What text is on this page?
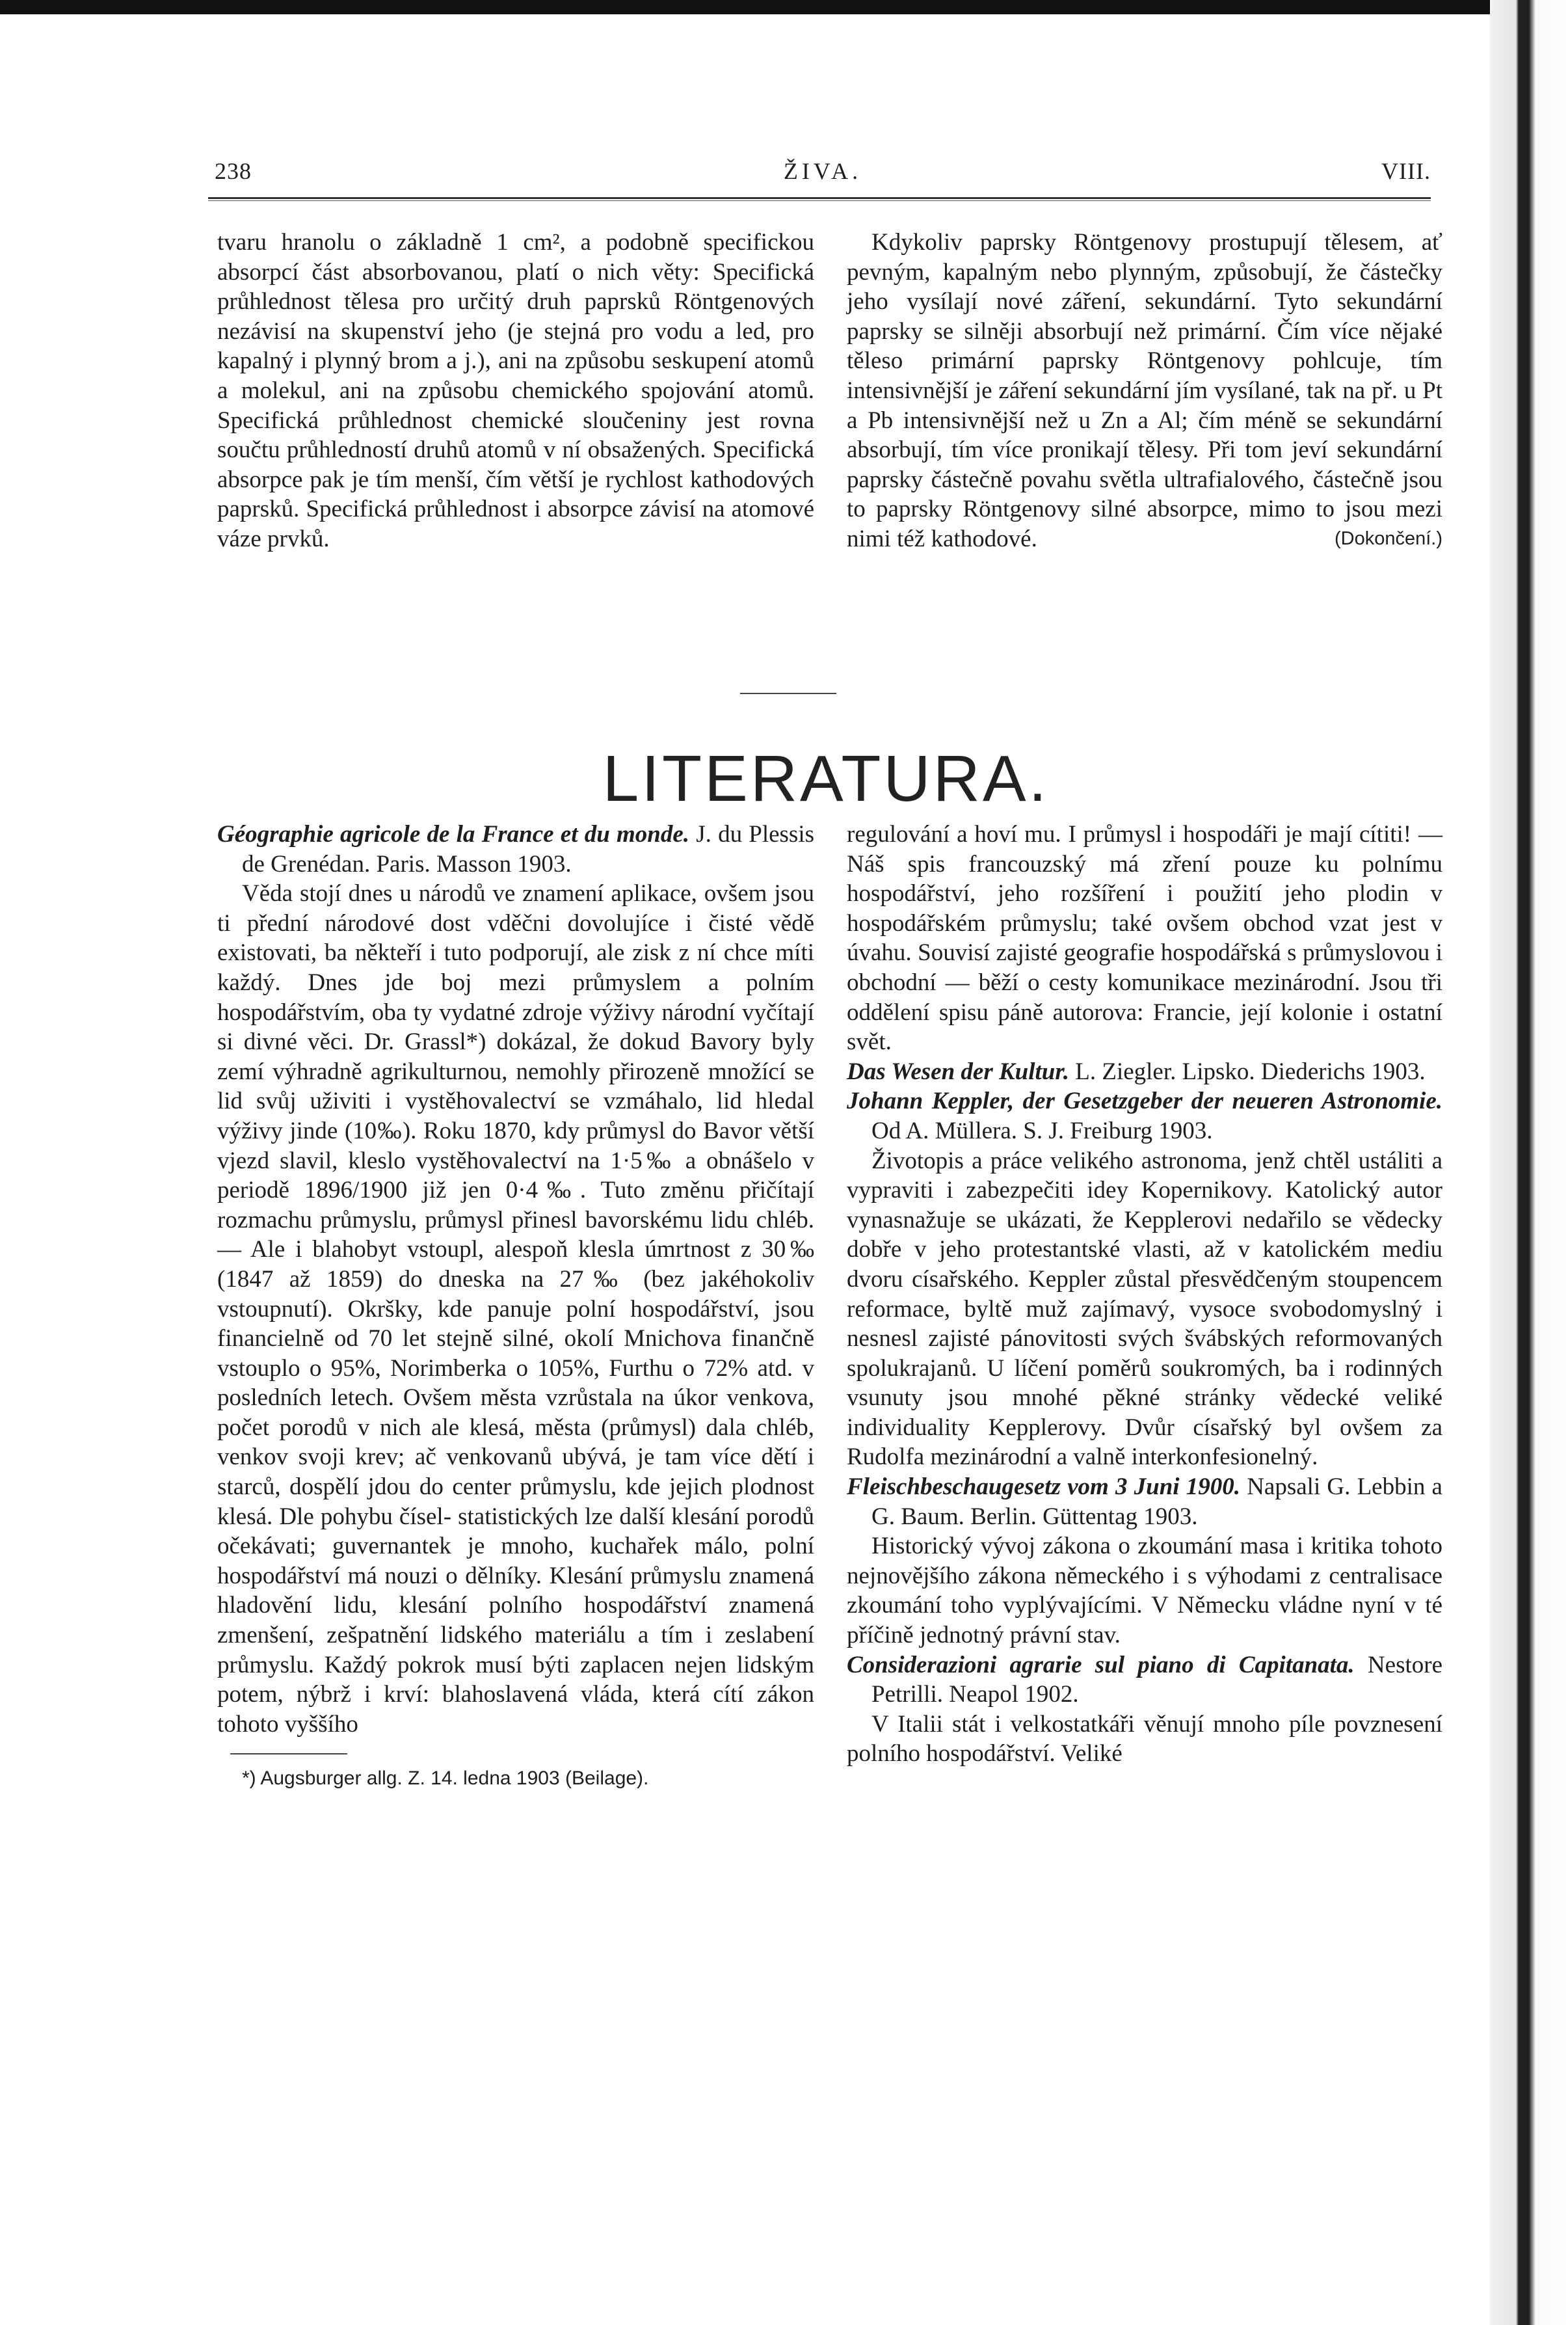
238	ŽIVA.	VIII.

tvaru hranolu o základně 1 cm², a podobně specifickou absorpcí část absorbovanou, platí o nich věty: Specifická průhlednost tělesa pro určitý druh paprsků Röntgenových nezávisí na skupenství jeho (je stejná pro vodu a led, pro kapalný i plynný brom a j.), ani na způsobu seskupení atomů a molekul, ani na způsobu chemického spojování atomů. Specifická průhlednost chemické sloučeniny jest rovna součtu průhledností druhů atomů v ní obsažených. Specifická absorpce pak je tím menší, čím větší je rychlost kathodových paprsků. Specifická průhlednost i absorpce závisí na atomové váze prvků.

Kdykoliv paprsky Röntgenovy prostupují tělesem, ať pevným, kapalným nebo plynným, způsobují, že částečky jeho vysílají nové záření, sekundární. Tyto sekundární paprsky se silněji absorbují než primární. Čím více nějaké těleso primární paprsky Röntgenovy pohlcuje, tím intensivnější je záření sekundární jím vysílané, tak na př. u Pt a Pb intensivnější než u Zn a Al; čím méně se sekundární absorbují, tím více pronikají tělesy. Při tom jeví sekundární paprsky částečně povahu světla ultrafialového, částečně jsou to paprsky Röntgenovy silné absorpce, mimo to jsou mezi nimi též kathodové.	(Dokončení.)

LITERATURA.

Géographie agricole de la France et du monde. J. du Plessis de Grenédan. Paris. Masson 1903.

Věda stojí dnes u národů ve znamení aplikace, ovšem jsou ti přední národové dost vděčni dovolujíce i čisté vědě existovati, ba někteří i tuto podporují, ale zisk z ní chce míti každý. Dnes jde boj mezi průmyslem a polním hospodářstvím, oba ty vydatné zdroje výživy národní vyčítají si divné věci. Dr. Grassl*) dokázal, že dokud Bavory byly zemí výhradně agrikulturnou, nemohly přirozeně množící se lid svůj uživiti i vystěhovalectví se vzmáhalo, lid hledal výživy jinde (10‰). Roku 1870, kdy průmysl do Bavor větší vjezd slavil, kleslo vystěhovalectví na 1·5‰ a obnášelo v periodě 1896/1900 již jen 0·4‰. Tuto změnu přičítají rozmachu průmyslu, průmysl přinesl bavorskému lidu chléb. — Ale i blahobyt vstoupl, alespoň klesla úmrtnost z 30‰ (1847 až 1859) do dneska na 27‰ (bez jakéhokoliv vstoupnutí). Okršky, kde panuje polní hospodářství, jsou financielně od 70 let stejně silné, okolí Mnichova finančně vstouplo o 95%, Norimberka o 105%, Furthu o 72% atd. v posledních letech. Ovšem města vzrůstala na úkor venkova, počet porodů v nich ale klesá, města (průmysl) dala chléb, venkov svoji krev; ač venkovanů ubývá, je tam více dětí i starců, dospělí jdou do center průmyslu, kde jejich plodnost klesá. Dle pohybu čísel- statistických lze další klesání porodů očekávati; guvernantek je mnoho, kuchařek málo, polní hospodářství má nouzi o dělníky. Klesání průmyslu znamená hladovění lidu, klesání polního hospodářství znamená zmenšení, zešpatnění lidského materiálu a tím i zeslabení průmyslu. Každý pokrok musí býti zaplacen nejen lidským potem, nýbrž i krví: blahoslavená vláda, která cítí zákon tohoto vyššího

*) Augsburger allg. Z. 14. ledna 1903 (Beilage).

regulování a hoví mu. I průmysl i hospodáři je mají cítiti! — Náš spis francouzský má zření pouze ku polnímu hospodářství, jeho rozšíření i použití jeho plodin v hospodářském průmyslu; také ovšem obchod vzat jest v úvahu. Souvisí zajisté geografie hospodářská s průmyslovou i obchodní — běží o cesty komunikace mezinárodní. Jsou tři oddělení spisu páně autorova: Francie, její kolonie i ostatní svět.

Das Wesen der Kultur. L. Ziegler. Lipsko. Diederichs 1903.

Johann Keppler, der Gesetzgeber der neueren Astronomie. Od A. Müllera. S. J. Freiburg 1903.

Životopis a práce velikého astronoma, jenž chtěl ustáliti a vypraviti i zabezpečiti idey Kopernikovy. Katolický autor vynasnažuje se ukázati, že Kepplerovi nedařilo se vědecky dobře v jeho protestantské vlasti, až v katolickém mediu dvoru císařského. Keppler zůstal přesvědčeným stoupencem reformace, byltě muž zajímavý, vysoce svobodomyslný i nesnesl zajisté pánovitosti svých švábských reformovaných spolukrajanů. U líčení poměrů soukromých, ba i rodinných vsunuty jsou mnohé pěkné stránky vědecké veliké individuality Kepplerovy. Dvůr císařský byl ovšem za Rudolfa mezinárodní a valně interkonfesionelný.

Fleischbeschaugesetz vom 3 Juni 1900. Napsali G. Lebbin a G. Baum. Berlin. Güttentag 1903.

Historický vývoj zákona o zkoumání masa i kritika tohoto nejnovějšího zákona německého i s výhodami z centralisace zkoumání toho vyplývajícími. V Německu vládne nyní v té příčině jednotný právní stav.

Considerazioni agrarie sul piano di Capitanata. Nestore Petrilli. Neapol 1902.

V Italii stát i velkostatkáři věnují mnoho píle povznesení polního hospodářství. Veliké
